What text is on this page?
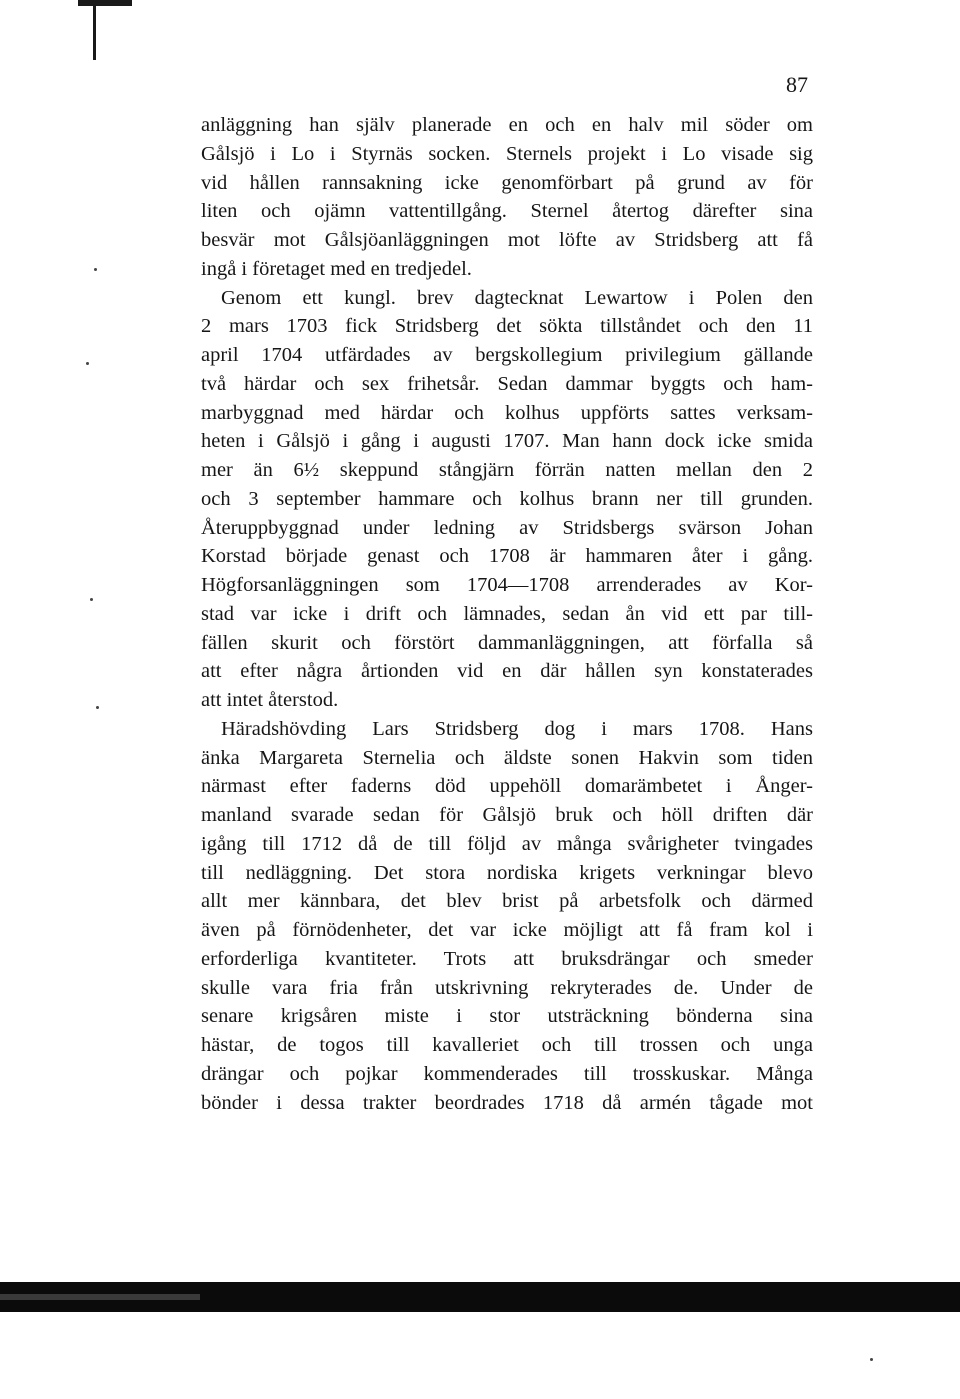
87
anläggning han själv planerade en och en halv mil söder om
Gålsjö i Lo i Styrnäs socken. Sternels projekt i Lo visade sig
vid hållen rannsakning icke genomförbart på grund av för
liten och ojämn vattentillgång. Sternel återtog därefter sina
besvär mot Gålsjöanläggningen mot löfte av Stridsberg att få
ingå i företaget med en tredjedel.
Genom ett kungl. brev dagtecknat Lewartow i Polen den
2 mars 1703 fick Stridsberg det sökta tillståndet och den 11
april 1704 utfärdades av bergskollegium privilegium gällande
två härdar och sex frihetsår. Sedan dammar byggts och ham-
marbyggnad med härdar och kolhus uppförts sattes verksam-
heten i Gålsjö i gång i augusti 1707. Man hann dock icke smida
mer än 6½ skeppund stångjärn förrän natten mellan den 2
och 3 september hammare och kolhus brann ner till grunden.
Återuppbyggnad under ledning av Stridsbergs svärson Johan
Korstad började genast och 1708 är hammaren åter i gång.
Högforsanläggningen som 1704—1708 arrenderades av Kor-
stad var icke i drift och lämnades, sedan ån vid ett par till-
fällen skurit och förstört dammanläggningen, att förfalla så
att efter några årtionden vid en där hållen syn konstaterades
att intet återstod.
Häradshövding Lars Stridsberg dog i mars 1708. Hans
änka Margareta Sternelia och äldste sonen Hakvin som tiden
närmast efter faderns död uppehöll domarämbetet i Ånger-
manland svarade sedan för Gålsjö bruk och höll driften där
igång till 1712 då de till följd av många svårigheter tvingades
till nedläggning. Det stora nordiska krigets verkningar blevo
allt mer kännbara, det blev brist på arbetsfolk och därmed
även på förnödenheter, det var icke möjligt att få fram kol i
erforderliga kvantiteter. Trots att bruksdrängar och smeder
skulle vara fria från utskrivning rekryterades de. Under de
senare krigsåren miste i stor utsträckning bönderna sina
hästar, de togos till kavalleriet och till trossen och unga
drängar och pojkar kommenderades till trosskuskar. Många
bönder i dessa trakter beordrades 1718 då armén tågade mot
